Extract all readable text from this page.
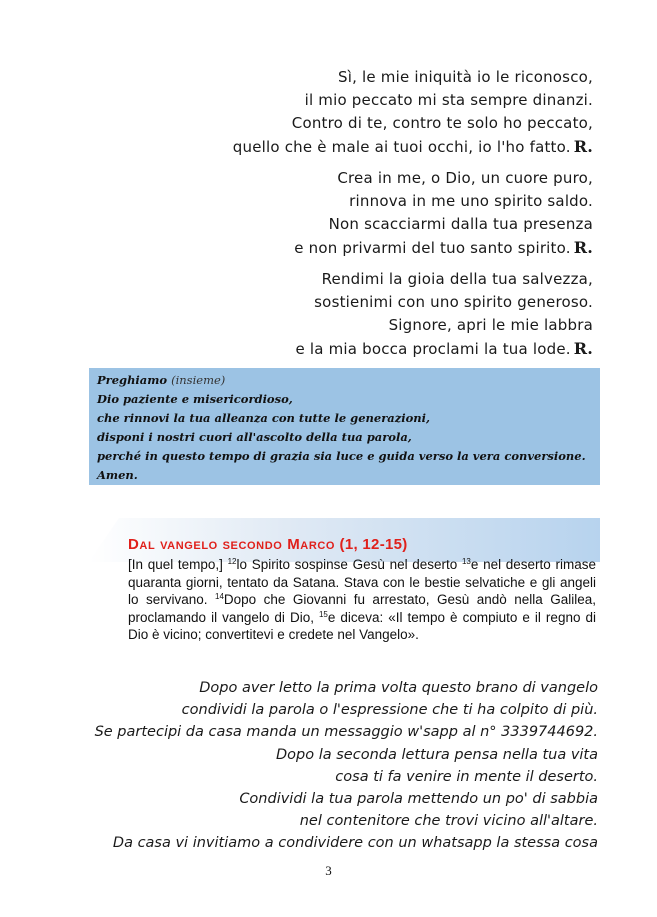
Sì, le mie iniquità io le riconosco,
il mio peccato mi sta sempre dinanzi.
Contro di te, contro te solo ho peccato,
quello che è male ai tuoi occhi, io l'ho fatto. R.
Crea in me, o Dio, un cuore puro,
rinnova in me uno spirito saldo.
Non scacciarmi dalla tua presenza
e non privarmi del tuo santo spirito. R.
Rendimi la gioia della tua salvezza,
sostienimi con uno spirito generoso.
Signore, apri le mie labbra
e la mia bocca proclami la tua lode. R.
Preghiamo (insieme)
Dio paziente e misericordioso,
che rinnovi la tua alleanza con tutte le generazioni,
disponi i nostri cuori all'ascolto della tua parola,
perché in questo tempo di grazia sia luce e guida verso la vera conversione.
Amen.
Dal vangelo secondo Marco (1, 12-15)
[In quel tempo,] $^{12}$lo Spirito sospinse Gesù nel deserto $^{13}$e nel deserto rimase quaranta giorni, tentato da Satana. Stava con le bestie selvatiche e gli angeli lo servivano. $^{14}$Dopo che Giovanni fu arrestato, Gesù andò nella Galilea, proclamando il vangelo di Dio, $^{15}$e diceva: «Il tempo è compiuto e il regno di Dio è vicino; convertitevi e credete nel Vangelo».
Dopo aver letto la prima volta questo brano di vangelo
condividi la parola o l'espressione che ti ha colpito di più.
Se partecipi da casa manda un messaggio w'sapp al n° 3339744692.
Dopo la seconda lettura pensa nella tua vita
cosa ti fa venire in mente il deserto.
Condividi la tua parola mettendo un po' di sabbia
nel contenitore che trovi vicino all'altare.
Da casa vi invitiamo a condividere con un whatsapp la stessa cosa
3
